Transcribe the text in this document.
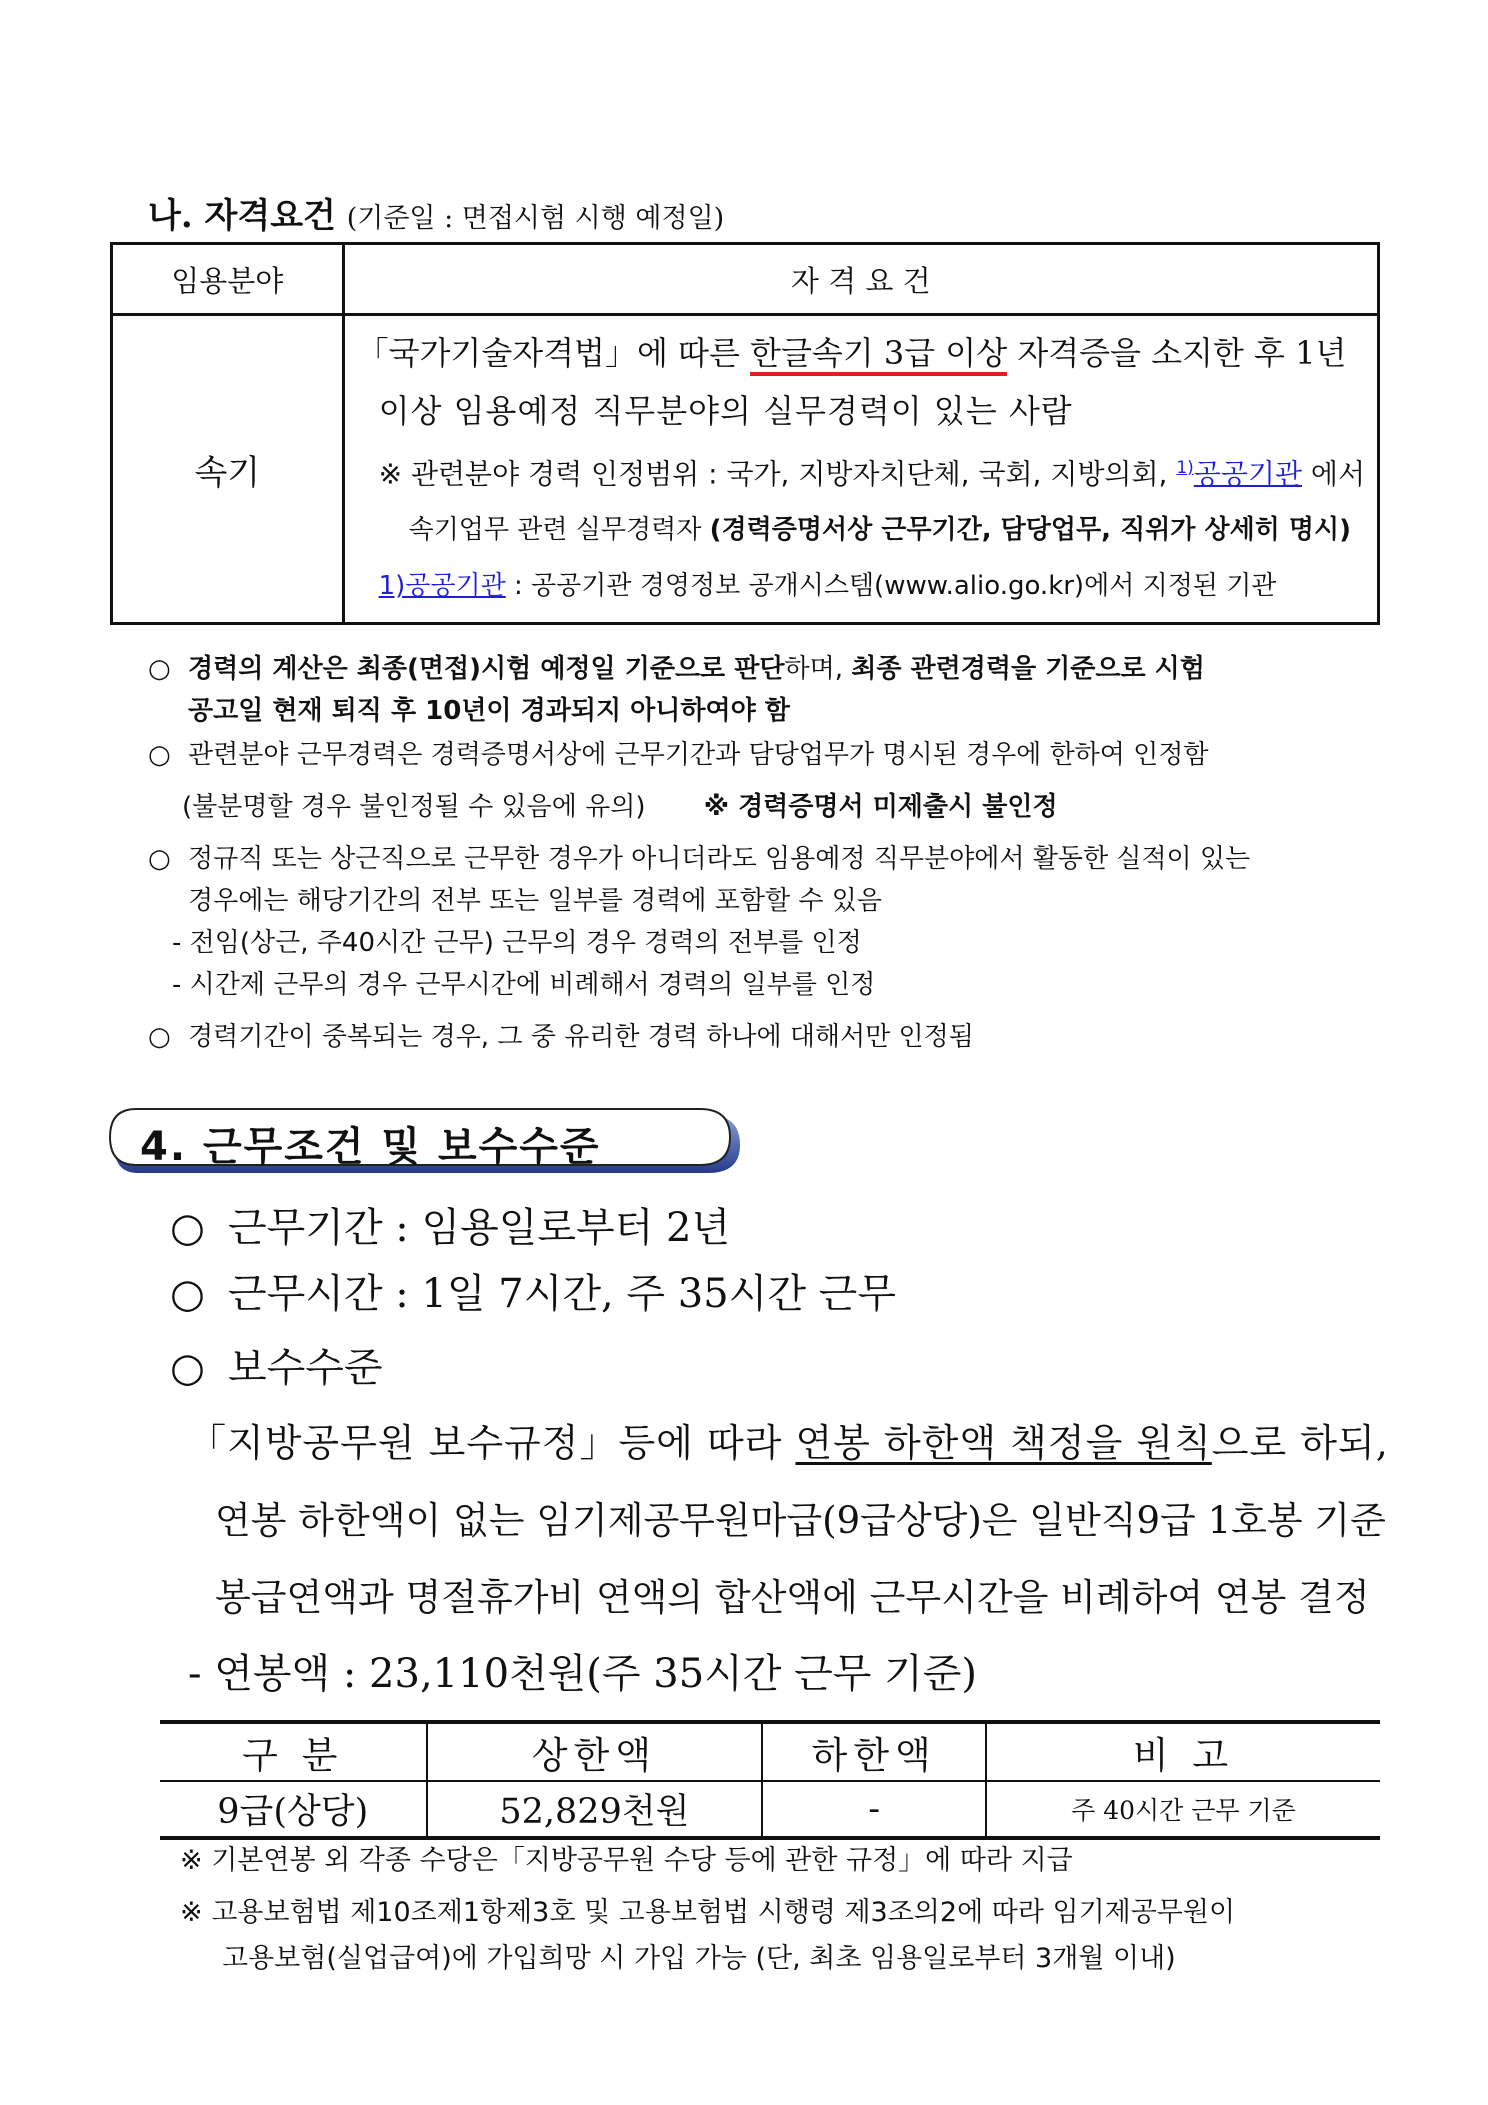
나. 자격요건 (기준일 : 면접시험 시행 예정일)
임용분야	자 격 요 건
속기	「국가기술자격법」에 따른 한글속기 3급 이상 자격증을 소지한 후 1년
이상 임용예정 직무분야의 실무경력이 있는 사람
※ 관련분야 경력 인정범위 : 국가, 지방자치단체, 국회, 지방의회, $^{1)}$공공기관 에서
속기업무 관련 실무경력자 (경력증명서상 근무기간, 담당업무, 직위가 상세히 명시)
1)공공기관 : 공공기관 경영정보 공개시스템(www.alio.go.kr)에서 지정된 기관
○ 경력의 계산은 최종(면접)시험 예정일 기준으로 판단하며, 최종 관련경력을 기준으로 시험
공고일 현재 퇴직 후 10년이 경과되지 아니하여야 함
○ 관련분야 근무경력은 경력증명서상에 근무기간과 담당업무가 명시된 경우에 한하여 인정함
(불분명할 경우 불인정될 수 있음에 유의) ※ 경력증명서 미제출시 불인정
○ 정규직 또는 상근직으로 근무한 경우가 아니더라도 임용예정 직무분야에서 활동한 실적이 있는
경우에는 해당기간의 전부 또는 일부를 경력에 포함할 수 있음
- 전임(상근, 주40시간 근무) 근무의 경우 경력의 전부를 인정
- 시간제 근무의 경우 근무시간에 비례해서 경력의 일부를 인정
○ 경력기간이 중복되는 경우, 그 중 유리한 경력 하나에 대해서만 인정됨
4. 근무조건 및 보수수준
○ 근무기간 : 임용일로부터 2년
○ 근무시간 : 1일 7시간, 주 35시간 근무
○ 보수수준
「지방공무원 보수규정」등에 따라 연봉 하한액 책정을 원칙으로 하되,
연봉 하한액이 없는 임기제공무원마급(9급상당)은 일반직9급 1호봉 기준
봉급연액과 명절휴가비 연액의 합산액에 근무시간을 비례하여 연봉 결정
- 연봉액 : 23,110천원(주 35시간 근무 기준)
구 분	상한액	하한액	비 고
9급(상당)	52,829천원	-	주 40시간 근무 기준
※ 기본연봉 외 각종 수당은「지방공무원 수당 등에 관한 규정」에 따라 지급
※ 고용보험법 제10조제1항제3호 및 고용보험법 시행령 제3조의2에 따라 임기제공무원이
고용보험(실업급여)에 가입희망 시 가입 가능 (단, 최초 임용일로부터 3개월 이내)
